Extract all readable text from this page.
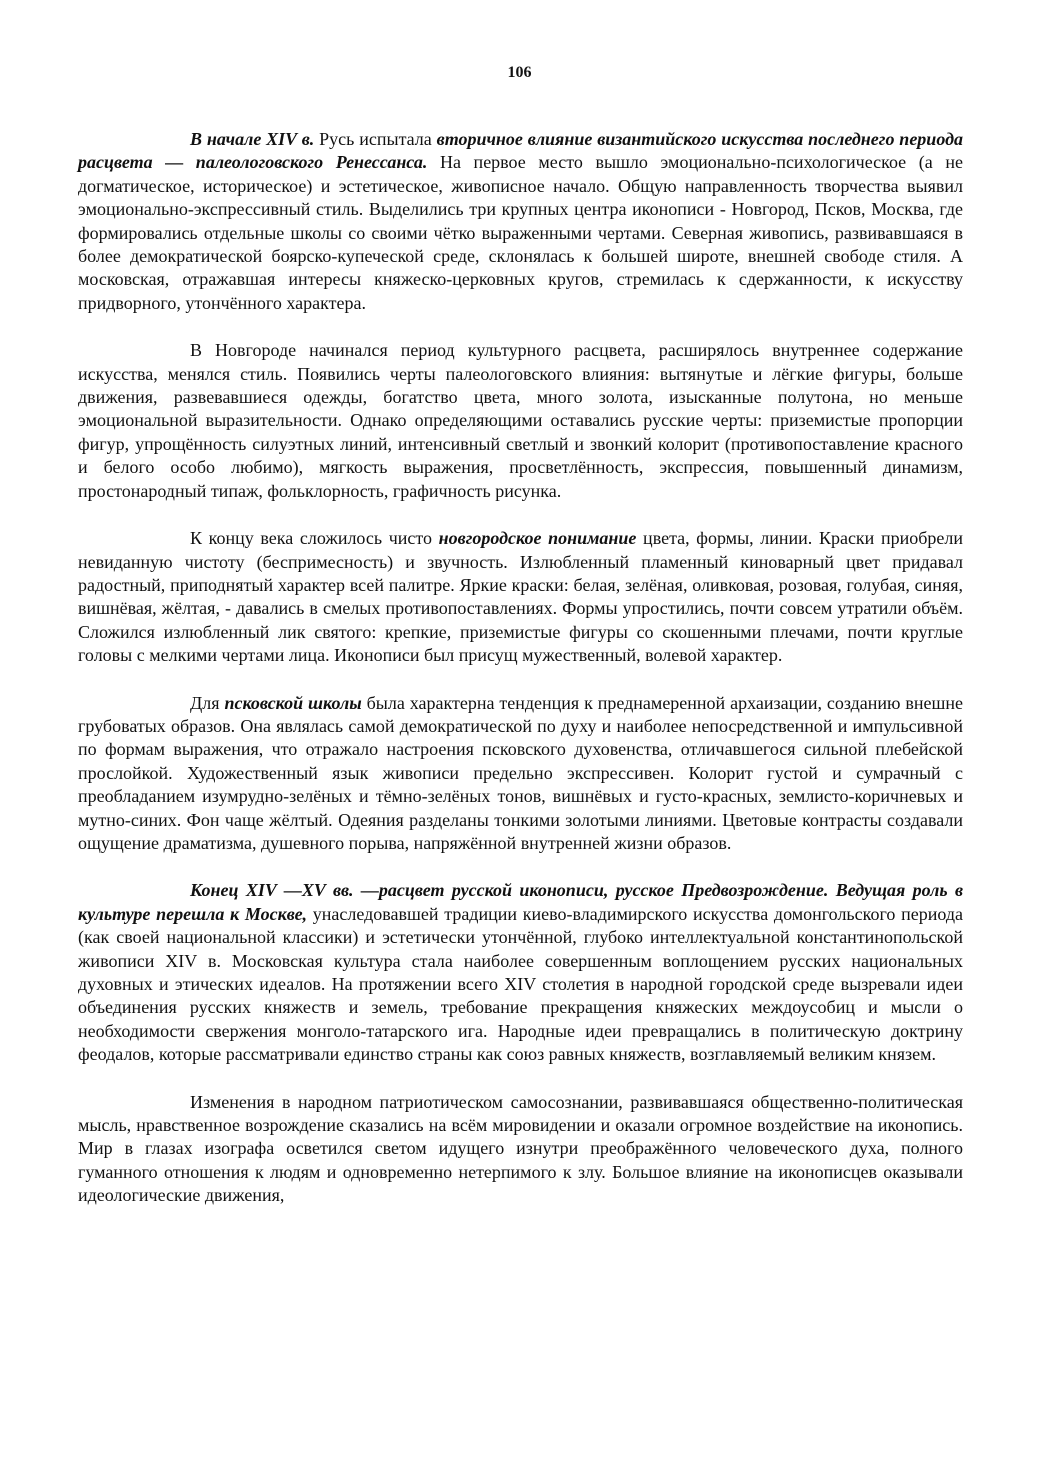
106

В начале XIV в. Русь испытала вторичное влияние византийского искусства последнего периода расцвета — палеологовского Ренессанса. На первое место вышло эмоционально-психологическое (а не догматическое, историческое) и эстетическое, живописное начало. Общую направленность творчества выявил эмоционально-экспрессивный стиль. Выделились три крупных центра иконописи - Новгород, Псков, Москва, где формировались отдельные школы со своими чётко выраженными чертами. Северная живопись, развивавшаяся в более демократической боярско-купеческой среде, склонялась к большей широте, внешней свободе стиля. А московская, отражавшая интересы княжеско-церковных кругов, стремилась к сдержанности, к искусству придворного, утончённого характера.

В Новгороде начинался период культурного расцвета, расширялось внутреннее содержание искусства, менялся стиль. Появились черты палеологовского влияния: вытянутые и лёгкие фигуры, больше движения, развевавшиеся одежды, богатство цвета, много золота, изысканные полутона, но меньше эмоциональной выразительности. Однако определяющими оставались русские черты: приземистые пропорции фигур, упрощённость силуэтных линий, интенсивный светлый и звонкий колорит (противопоставление красного и белого особо любимо), мягкость выражения, просветлённость, экспрессия, повышенный динамизм, простонародный типаж, фольклорность, графичность рисунка.

К концу века сложилось чисто новгородское понимание цвета, формы, линии. Краски приобрели невиданную чистоту (беспримесность) и звучность. Излюбленный пламенный киноварный цвет придавал радостный, приподнятый характер всей палитре. Яркие краски: белая, зелёная, оливковая, розовая, голубая, синяя, вишнёвая, жёлтая, - давались в смелых противопоставлениях. Формы упростились, почти совсем утратили объём. Сложился излюбленный лик святого: крепкие, приземистые фигуры со скошенными плечами, почти круглые головы с мелкими чертами лица. Иконописи был присущ мужественный, волевой характер.

Для псковской школы была характерна тенденция к преднамеренной архаизации, созданию внешне грубоватых образов. Она являлась самой демократической по духу и наиболее непосредственной и импульсивной по формам выражения, что отражало настроения псковского духовенства, отличавшегося сильной плебейской прослойкой. Художественный язык живописи предельно экспрессивен. Колорит густой и сумрачный с преобладанием изумрудно-зелёных и тёмно-зелёных тонов, вишнёвых и густо-красных, землисто-коричневых и мутно-синих. Фон чаще жёлтый. Одеяния разделаны тонкими золотыми линиями. Цветовые контрасты создавали ощущение драматизма, душевного порыва, напряжённой внутренней жизни образов.

Конец XIV —XV вв. —расцвет русской иконописи, русское Предвозрождение. Ведущая роль в культуре перешла к Москве, унаследовавшей традиции киево-владимирского искусства домонгольского периода (как своей национальной классики) и эстетически утончённой, глубоко интеллектуальной константинопольской живописи XIV в. Московская культура стала наиболее совершенным воплощением русских национальных духовных и этических идеалов. На протяжении всего XIV столетия в народной городской среде вызревали идеи объединения русских княжеств и земель, требование прекращения княжеских междоусобиц и мысли о необходимости свержения монголо-татарского ига. Народные идеи превращались в политическую доктрину феодалов, которые рассматривали единство страны как союз равных княжеств, возглавляемый великим князем.

Изменения в народном патриотическом самосознании, развивавшаяся общественно-политическая мысль, нравственное возрождение сказались на всём мировидении и оказали огромное воздействие на иконопись. Мир в глазах изографа осветился светом идущего изнутри преображённого человеческого духа, полного гуманного отношения к людям и одновременно нетерпимого к злу. Большое влияние на иконописцев оказывали идеологические движения,
